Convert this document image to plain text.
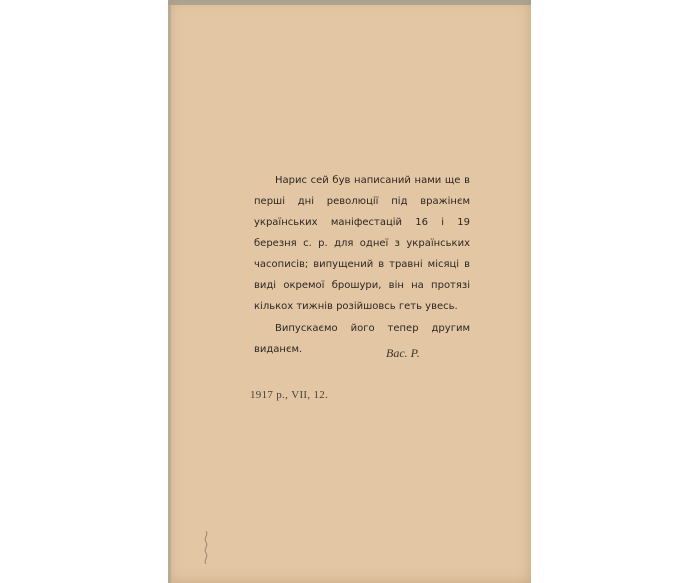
Нарис сей був написаний нами ще в перші дні революції під вражінєм українських маніфестацій 16 і 19 березня с. р. для однеї з українських часописів; випущений в травні місяці в виді окремої брошури, він на протязі кількох тижнів розійшовсь геть увесь.

Випускаємо його тепер другим виданєм.	Вас. Р.
1917 р., VII, 12.
